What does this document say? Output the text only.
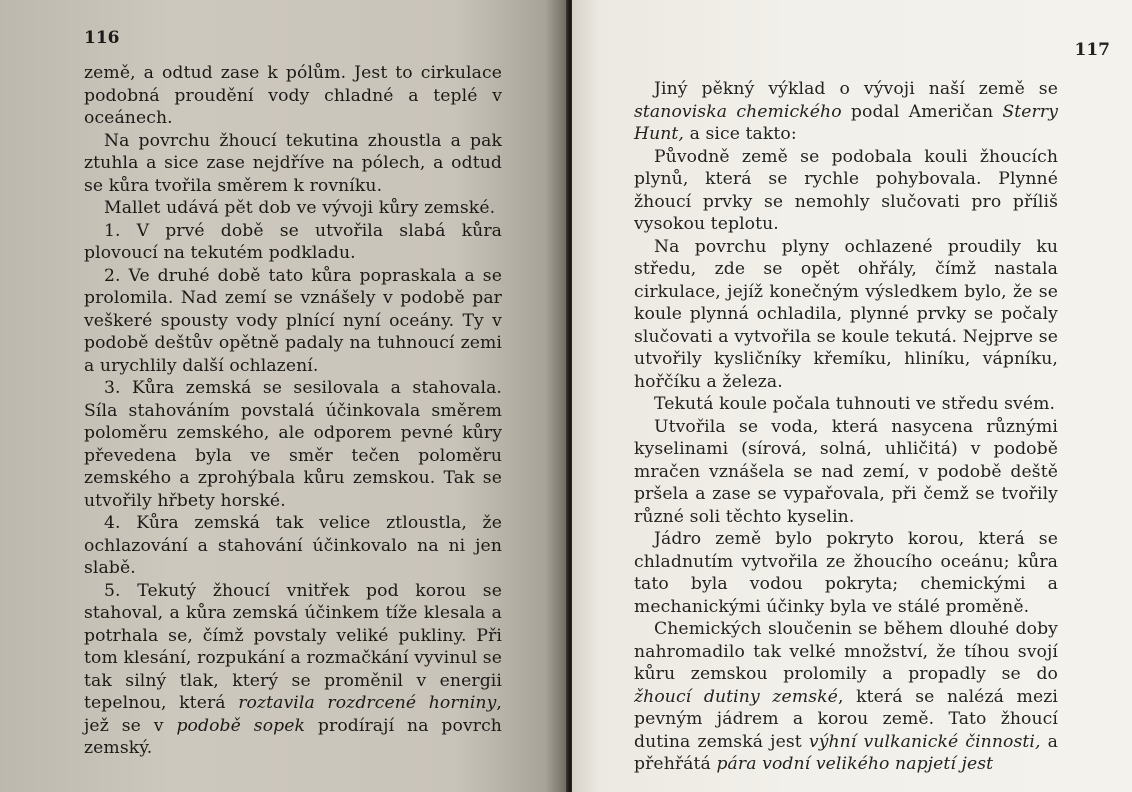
116

země, a odtud zase k pólům. Jest to cirkulace podobná proudění vody chladné a teplé v oceánech.

Na povrchu žhoucí tekutina zhoustla a pak ztuhla a sice zase nejdříve na pólech, a odtud se kůra tvořila směrem k rovníku.

Mallet udává pět dob ve vývoji kůry zemské.

1. V prvé době se utvořila slabá kůra plovoucí na tekutém podkladu.

2. Ve druhé době tato kůra popraskala a se prolomila. Nad zemí se vznášely v podobě par veškeré spousty vody plnící nyní oceány. Ty v podobě deštův opětně padaly na tuhnoucí zemi a urychlily další ochlazení.

3. Kůra zemská se sesilovala a stahovala. Síla stahováním povstalá účinkovala směrem poloměru zemského, ale odporem pevné kůry převedena byla ve směr tečen poloměru zemského a zprohýbala kůru zemskou. Tak se utvořily hřbety horské.

4. Kůra zemská tak velice ztloustla, že ochlazování a stahování účinkovalo na ni jen slabě.

5. Tekutý žhoucí vnitřek pod korou se stahoval, a kůra zemská účinkem tíže klesala a potrhala se, čímž povstaly veliké pukliny. Při tom klesání, rozpukání a rozmačkání vyvinul se tak silný tlak, který se proměnil v energii tepelnou, která roztavila rozdrcené horniny, jež se v podobě sopek prodírají na povrch zemský.

117

Jiný pěkný výklad o vývoji naší země se stanoviska chemického podal Američan Sterry Hunt, a sice takto:

Původně země se podobala kouli žhoucích plynů, která se rychle pohybovala. Plynné žhoucí prvky se nemohly slučovati pro příliš vysokou teplotu.

Na povrchu plyny ochlazené proudily ku středu, zde se opět ohřály, čímž nastala cirkulace, jejíž konečným výsledkem bylo, že se koule plynná ochladila, plynné prvky se počaly slučovati a vytvořila se koule tekutá. Nejprve se utvořily kysličníky křemíku, hliníku, vápníku, hořčíku a železa.

Tekutá koule počala tuhnouti ve středu svém.

Utvořila se voda, která nasycena různými kyselinami (sírová, solná, uhličitá) v podobě mračen vznášela se nad zemí, v podobě deště pršela a zase se vypařovala, při čemž se tvořily různé soli těchto kyselin.

Jádro země bylo pokryto korou, která se chladnutím vytvořila ze žhoucího oceánu; kůra tato byla vodou pokryta; chemickými a mechanickými účinky byla ve stálé proměně.

Chemických sloučenin se během dlouhé doby nahromadilo tak velké množství, že tíhou svojí kůru zemskou prolomily a propadly se do žhoucí dutiny zemské, která se nalézá mezi pevným jádrem a korou země. Tato žhoucí dutina zemská jest výhní vulkanické činnosti, a přehřátá pára vodní velikého napjetí jest
